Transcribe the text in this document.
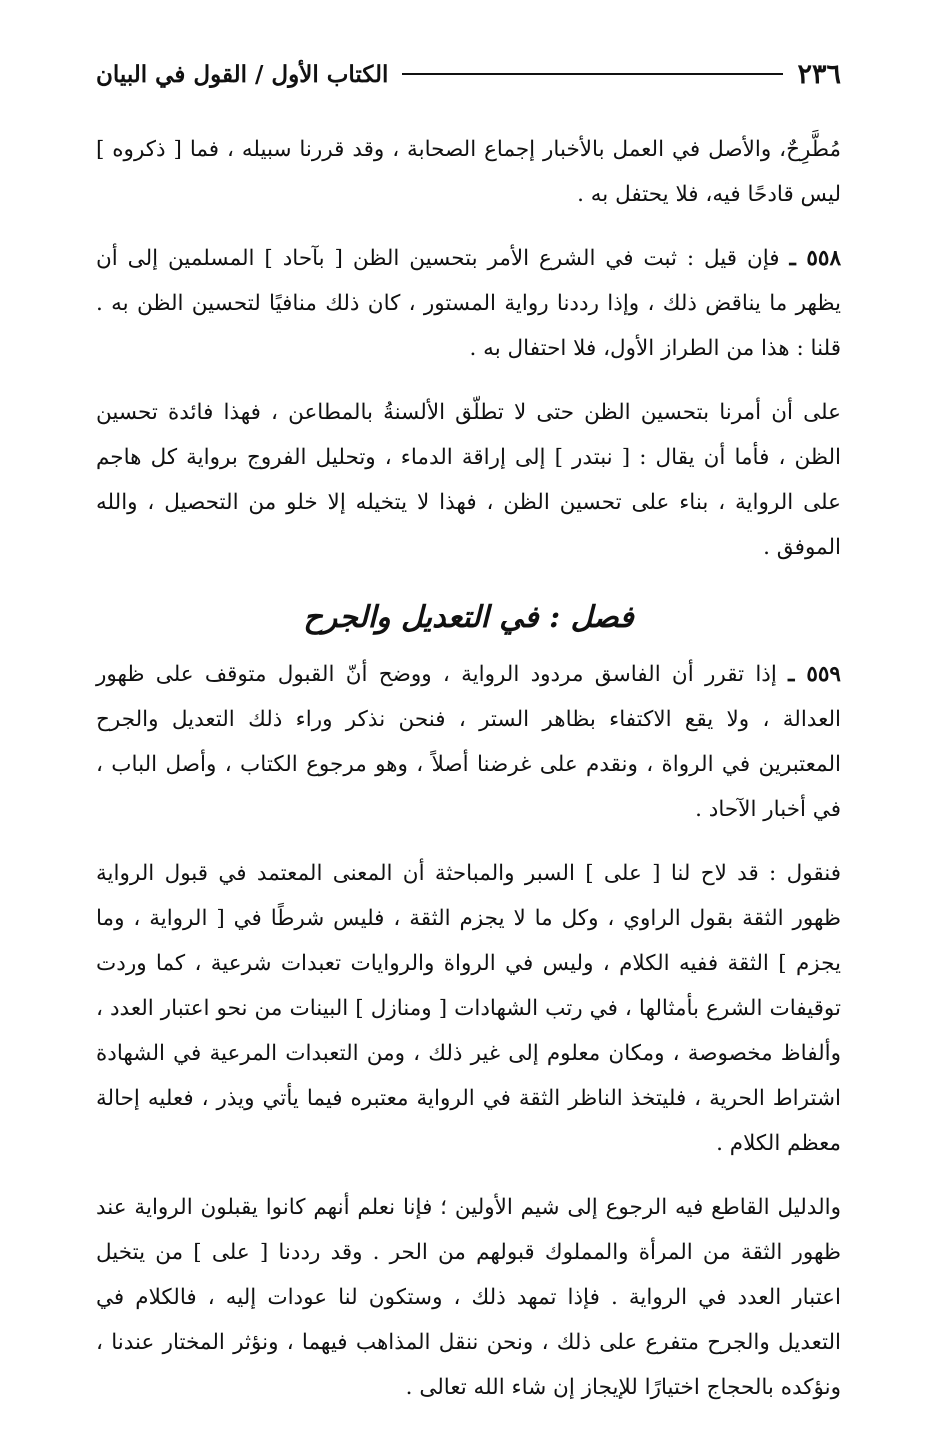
٢٣٦
الكتاب الأول / القول في البيان

مُطَّرِحٌ، والأصل في العمل بالأخبار إجماع الصحابة ، وقد قررنا سبيله ، فما [ ذكروه ] ليس قادحًا فيه، فلا يحتفل به .

٥٥٨ ـ فإن قيل : ثبت في الشرع الأمر بتحسين الظن [ بآحاد ] المسلمين إلى أن يظهر ما يناقض ذلك ، وإذا رددنا رواية المستور ، كان ذلك منافيًا لتحسين الظن به . قلنا : هذا من الطراز الأول، فلا احتفال به .

على أن أمرنا بتحسين الظن حتى لا تطلّق الألسنةُ بالمطاعن ، فهذا فائدة تحسين الظن ، فأما أن يقال : [ نبتدر ] إلى إراقة الدماء ، وتحليل الفروج برواية كل هاجم على الرواية ، بناء على تحسين الظن ، فهذا لا يتخيله إلا خلو من التحصيل ، والله الموفق .

فصل : في التعديل والجرح

٥٥٩ ـ إذا تقرر أن الفاسق مردود الرواية ، ووضح أنّ القبول متوقف على ظهور العدالة ، ولا يقع الاكتفاء بظاهر الستر ، فنحن نذكر وراء ذلك التعديل والجرح المعتبرين في الرواة ، ونقدم على غرضنا أصلاً ، وهو مرجوع الكتاب ، وأصل الباب ، في أخبار الآحاد .

فنقول : قد لاح لنا [ على ] السبر والمباحثة أن المعنى المعتمد في قبول الرواية ظهور الثقة بقول الراوي ، وكل ما لا يجزم الثقة ، فليس شرطًا في [ الرواية ، وما يجزم ] الثقة ففيه الكلام ، وليس في الرواة والروايات تعبدات شرعية ، كما وردت توقيفات الشرع بأمثالها ، في رتب الشهادات [ ومنازل ] البينات من نحو اعتبار العدد ، وألفاظ مخصوصة ، ومكان معلوم إلى غير ذلك ، ومن التعبدات المرعية في الشهادة اشتراط الحرية ، فليتخذ الناظر الثقة في الرواية معتبره فيما يأتي ويذر ، فعليه إحالة معظم الكلام .

والدليل القاطع فيه الرجوع إلى شيم الأولين ؛ فإنا نعلم أنهم كانوا يقبلون الرواية عند ظهور الثقة من المرأة والمملوك قبولهم من الحر . وقد رددنا [ على ] من يتخيل اعتبار العدد في الرواية . فإذا تمهد ذلك ، وستكون لنا عودات إليه ، فالكلام في التعديل والجرح متفرع على ذلك ، ونحن ننقل المذاهب فيهما ، ونؤثر المختار عندنا ، ونؤكده بالحجاج اختيارًا للإيجاز إن شاء الله تعالى .
